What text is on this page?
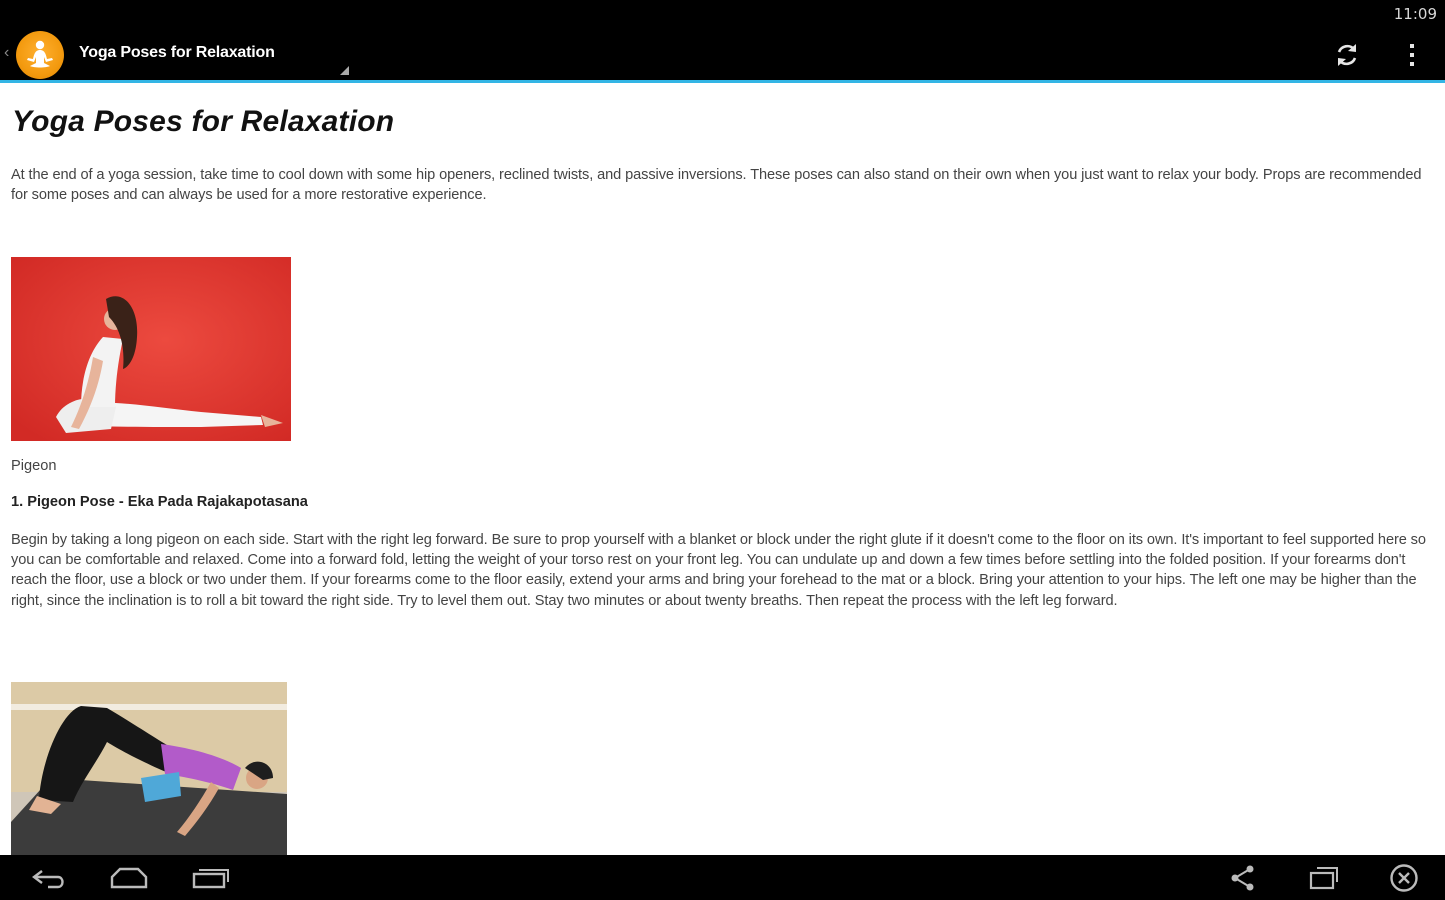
11:09
‹	Yoga Poses for Relaxation
Yoga Poses for Relaxation

At the end of a yoga session, take time to cool down with some hip openers, reclined twists, and passive inversions. These poses can also stand on their own when you just want to relax your body. Props are recommended for some poses and can always be used for a more restorative experience.

Pigeon
1. Pigeon Pose - Eka Pada Rajakapotasana

Begin by taking a long pigeon on each side. Start with the right leg forward. Be sure to prop yourself with a blanket or block under the right glute if it doesn't come to the floor on its own. It's important to feel supported here so you can be comfortable and relaxed. Come into a forward fold, letting the weight of your torso rest on your front leg. You can undulate up and down a few times before settling into the folded position. If your forearms don't reach the floor, use a block or two under them. If your forearms come to the floor easily, extend your arms and bring your forehead to the mat or a block. Bring your attention to your hips. The left one may be higher than the right, since the inclination is to roll a bit toward the right side. Try to level them out. Stay two minutes or about twenty breaths. Then repeat the process with the left leg forward.
